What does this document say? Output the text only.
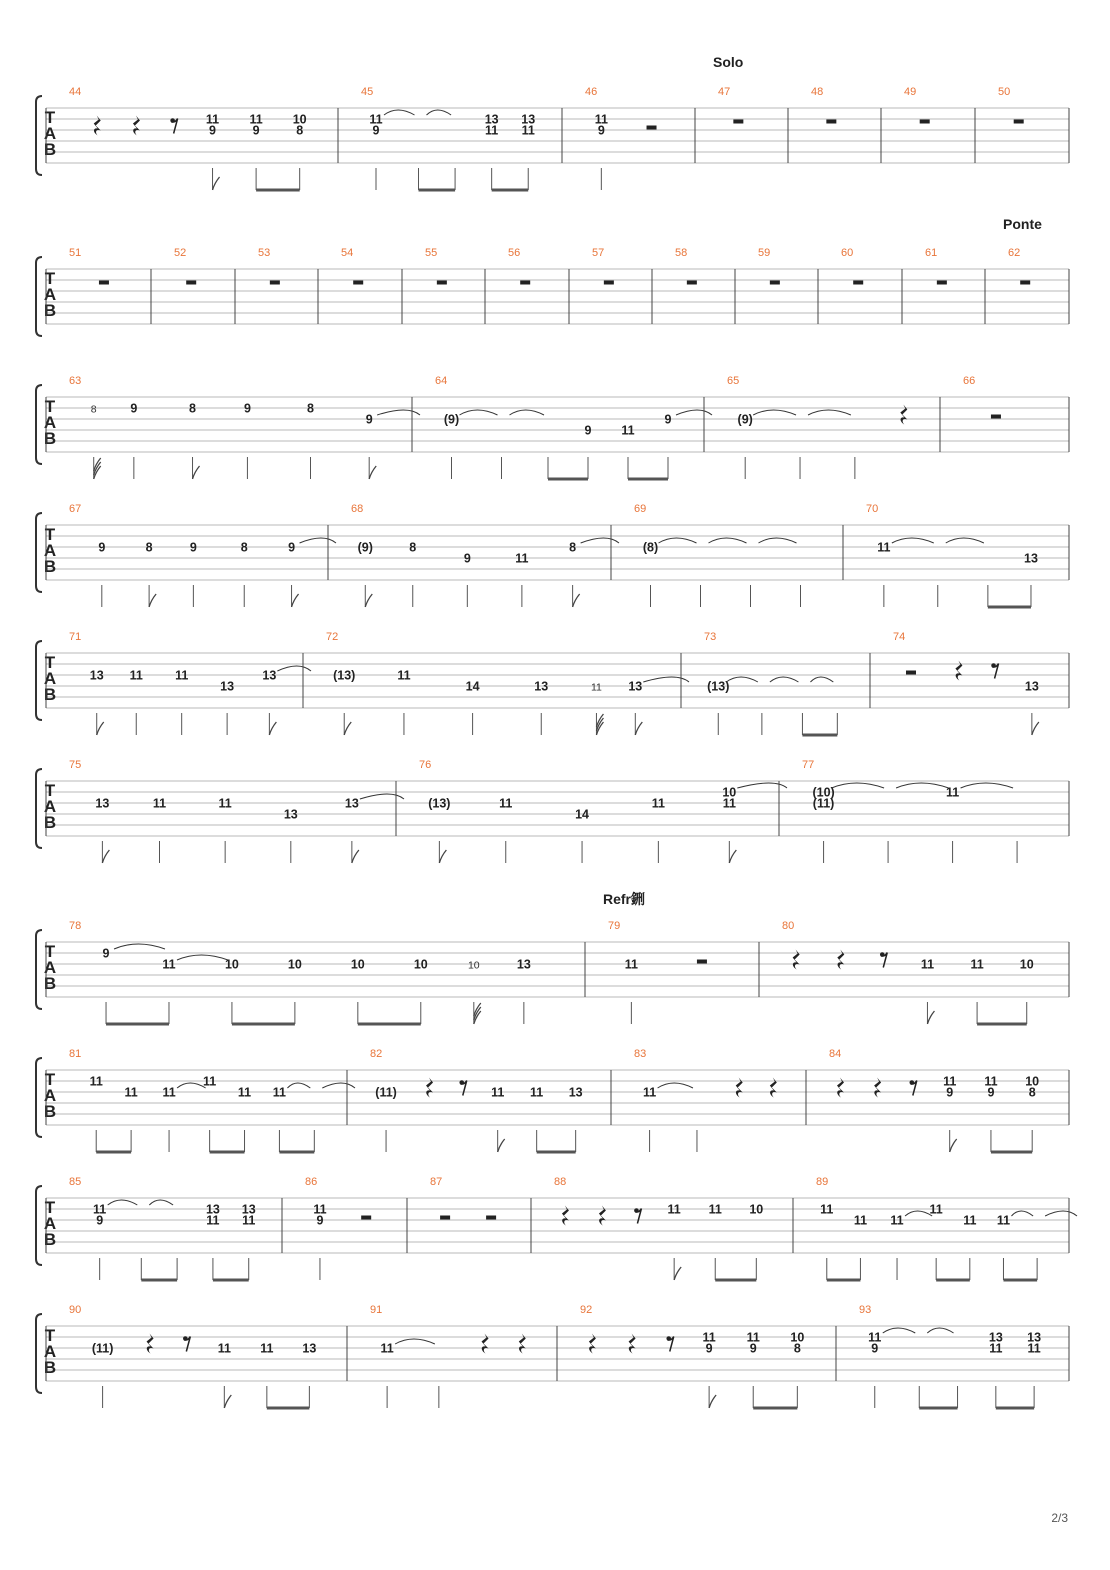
Solo
Ponte
Refr鉶
T
A
B
44
11
9
11
9
10
8
45
11
9
13
11
13
11
46
11
9
47	48	49	50
T
A
B
51	52	53	54	55	56	57	58	59	60	61	62
T
A
B
63
8	9	8	9	8
9
64
(9)
9 11
9
65
(9)
66
T
A
B
67
9	8	9	8	9
68
(9)	8
9	11
8
69
(8)
70
11
13
T
A
B
71
13 11	11
13
13
72
(13)	11
14	13	11 13
73
(13)
74
13
T
A
B
75
13	11	11
13
13
76
(13)	11
14
11
10
11
77
(10)
(11)
11
T
A
B
78
9
11	10	10	10	10	10	13
79
11
80
11	11	10
T
A
B
81
11
11 11
11
11 11
82
(11)	11 11 13
83
11
84
11
9
11
9
10
8
T
A
B
85
11
9
13
11
13
11
86
11
9
87	88
11 11 10
89
11
11 11
11
11 11
T
A
B
90
(11)	11 11 13
91
11
92
11
9
11
9
10
8
93
11
9
13
11
13
11
2/3
